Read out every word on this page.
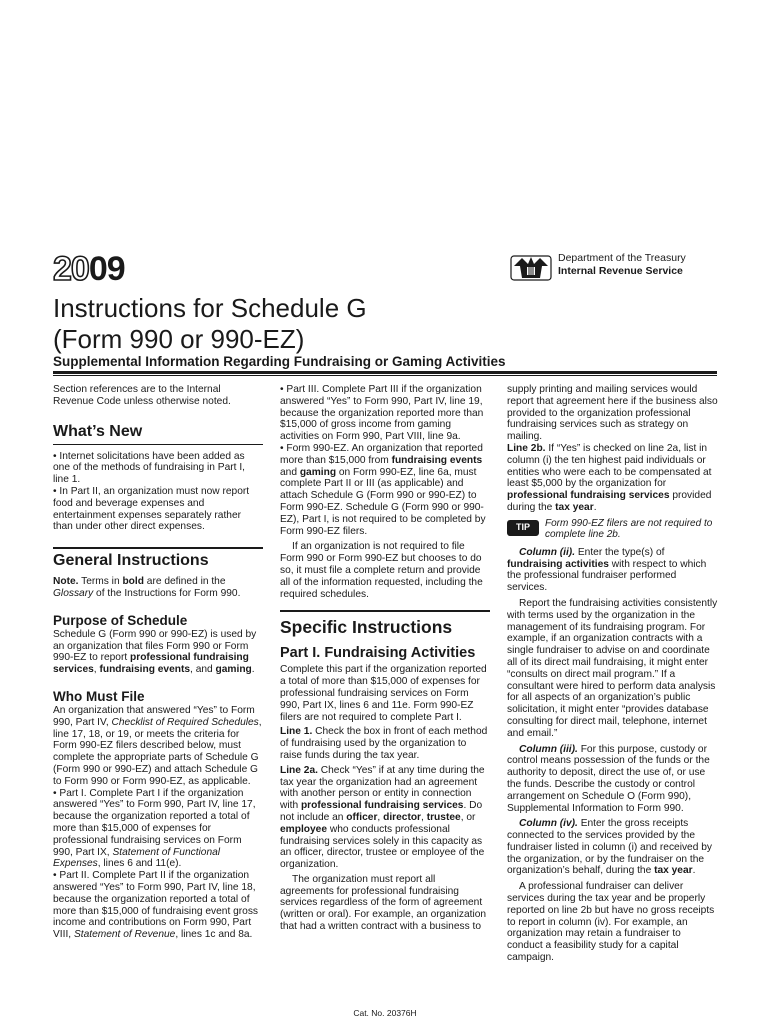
2009	Department of the Treasury
Internal Revenue Service
Instructions for Schedule G
(Form 990 or 990-EZ)
Supplemental Information Regarding Fundraising or Gaming Activities

Section references are to the Internal Revenue Code unless otherwise noted.

What’s New

• Internet solicitations have been added as one of the methods of fundraising in Part I, line 1.

• In Part II, an organization must now report food and beverage expenses and entertainment expenses separately rather than under other direct expenses.

General Instructions

Note. Terms in bold are defined in the Glossary of the Instructions for Form 990.

Purpose of Schedule

Schedule G (Form 990 or 990-EZ) is used by an organization that files Form 990 or Form 990-EZ to report professional fundraising services, fundraising events, and gaming.

Who Must File

An organization that answered “Yes” to Form 990, Part IV, Checklist of Required Schedules, line 17, 18, or 19, or meets the criteria for Form 990-EZ filers described below, must complete the appropriate parts of Schedule G (Form 990 or 990-EZ) and attach Schedule G to Form 990 or Form 990-EZ, as applicable.

• Part I. Complete Part I if the organization answered “Yes” to Form 990, Part IV, line 17, because the organization reported a total of more than $15,000 of expenses for professional fundraising services on Form 990, Part IX, Statement of Functional Expenses, lines 6 and 11(e).

• Part II. Complete Part II if the organization answered “Yes” to Form 990, Part IV, line 18, because the organization reported a total of more than $15,000 of fundraising event gross income and contributions on Form 990, Part VIII, Statement of Revenue, lines 1c and 8a.

• Part III. Complete Part III if the organization answered “Yes” to Form 990, Part IV, line 19, because the organization reported more than $15,000 of gross income from gaming activities on Form 990, Part VIII, line 9a.

• Form 990-EZ. An organization that reported more than $15,000 from fundraising events and gaming on Form 990-EZ, line 6a, must complete Part II or III (as applicable) and attach Schedule G (Form 990 or 990-EZ) to Form 990-EZ. Schedule G (Form 990 or 990-EZ), Part I, is not required to be completed by Form 990-EZ filers.

If an organization is not required to file Form 990 or Form 990-EZ but chooses to do so, it must file a complete return and provide all of the information requested, including the required schedules.

Specific Instructions
Part I. Fundraising Activities

Complete this part if the organization reported a total of more than $15,000 of expenses for professional fundraising services on Form 990, Part IX, lines 6 and 11e. Form 990-EZ filers are not required to complete Part I.

Line 1. Check the box in front of each method of fundraising used by the organization to raise funds during the tax year.

Line 2a. Check “Yes” if at any time during the tax year the organization had an agreement with another person or entity in connection with professional fundraising services. Do not include an officer, director, trustee, or employee who conducts professional fundraising services solely in this capacity as an officer, director, trustee or employee of the organization.

The organization must report all agreements for professional fundraising services regardless of the form of agreement (written or oral). For example, an organization that had a written contract with a business to

supply printing and mailing services would report that agreement here if the business also provided to the organization professional fundraising services such as strategy on mailing.

Line 2b. If “Yes” is checked on line 2a, list in column (i) the ten highest paid individuals or entities who were each to be compensated at least $5,000 by the organization for professional fundraising services provided during the tax year.

TIP	Form 990-EZ filers are not required to complete line 2b.

Column (ii). Enter the type(s) of fundraising activities with respect to which the professional fundraiser performed services.

Report the fundraising activities consistently with terms used by the organization in the management of its fundraising program. For example, if an organization contracts with a single fundraiser to advise on and coordinate all of its direct mail fundraising, it might enter “consults on direct mail program.” If a consultant were hired to perform data analysis for all aspects of an organization’s public solicitation, it might enter “provides database consulting for direct mail, telephone, internet and email.”

Column (iii). For this purpose, custody or control means possession of the funds or the authority to deposit, direct the use of, or use the funds. Describe the custody or control arrangement on Schedule O (Form 990), Supplemental Information to Form 990.

Column (iv). Enter the gross receipts connected to the services provided by the fundraiser listed in column (i) and received by the organization, or by the fundraiser on the organization’s behalf, during the tax year.

A professional fundraiser can deliver services during the tax year and be properly reported on line 2b but have no gross receipts to report in column (iv). For example, an organization may retain a fundraiser to conduct a feasibility study for a capital campaign.

Cat. No. 20376H
